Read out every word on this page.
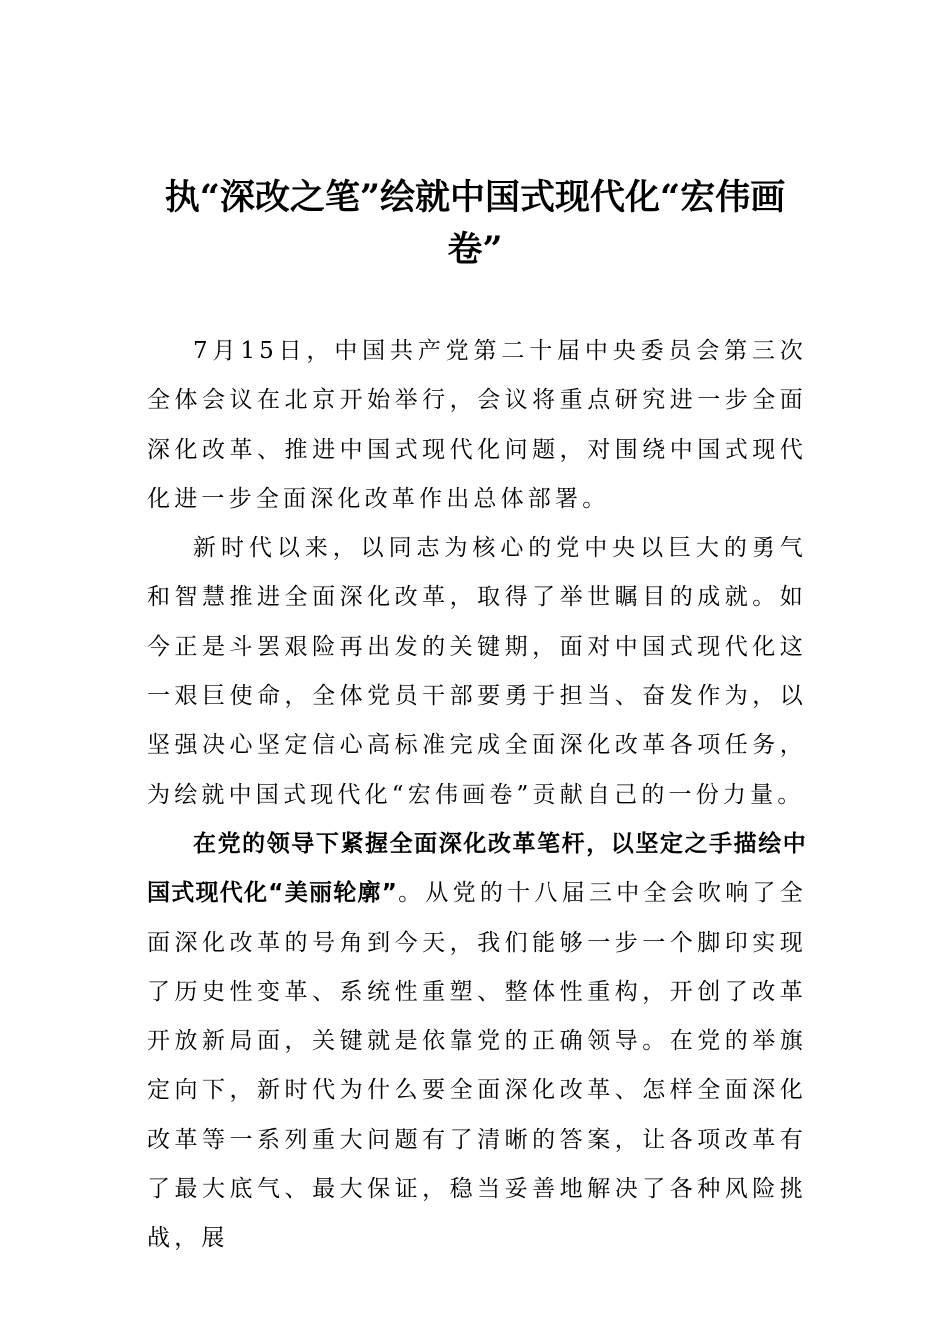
执“深改之笔”绘就中国式现代化“宏伟画卷”

7月15日，中国共产党第二十届中央委员会第三次全体会议在北京开始举行，会议将重点研究进一步全面深化改革、推进中国式现代化问题，对围绕中国式现代化进一步全面深化改革作出总体部署。

新时代以来，以同志为核心的党中央以巨大的勇气和智慧推进全面深化改革，取得了举世瞩目的成就。如今正是斗罢艰险再出发的关键期，面对中国式现代化这一艰巨使命，全体党员干部要勇于担当、奋发作为，以坚强决心坚定信心高标准完成全面深化改革各项任务，为绘就中国式现代化“宏伟画卷”贡献自己的一份力量。

在党的领导下紧握全面深化改革笔杆，以坚定之手描绘中国式现代化“美丽轮廓”。从党的十八届三中全会吹响了全面深化改革的号角到今天，我们能够一步一个脚印实现了历史性变革、系统性重塑、整体性重构，开创了改革开放新局面，关键就是依靠党的正确领导。在党的举旗定向下，新时代为什么要全面深化改革、怎样全面深化改革等一系列重大问题有了清晰的答案，让各项改革有了最大底气、最大保证，稳当妥善地解决了各种风险挑战，展
